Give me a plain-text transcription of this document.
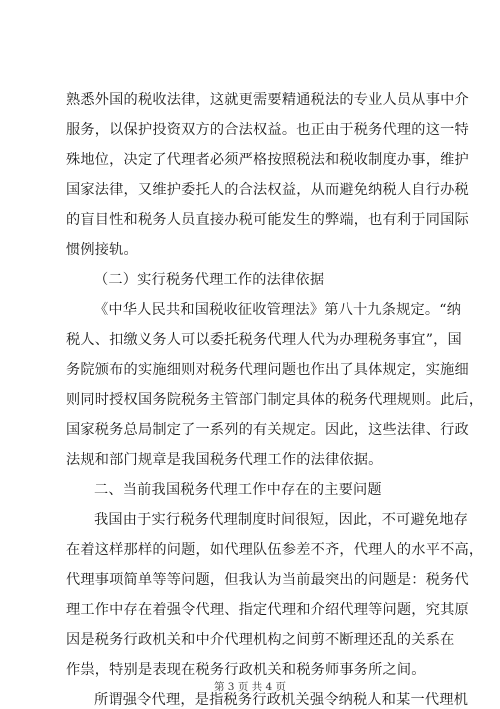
熟悉外国的税收法律，这就更需要精通税法的专业人员从事中介
服务，以保护投资双方的合法权益。也正由于税务代理的这一特
殊地位，决定了代理者必须严格按照税法和税收制度办事，维护
国家法律，又维护委托人的合法权益，从而避免纳税人自行办税
的盲目性和税务人员直接办税可能发生的弊端，也有利于同国际
惯例接轨。
（二）实行税务代理工作的法律依据
《中华人民共和国税收征收管理法》第八十九条规定。“纳
税人、扣缴义务人可以委托税务代理人代为办理税务事宜”，国
务院颁布的实施细则对税务代理问题也作出了具体规定，实施细
则同时授权国务院税务主管部门制定具体的税务代理规则。此后，
国家税务总局制定了一系列的有关规定。因此，这些法律、行政
法规和部门规章是我国税务代理工作的法律依据。
二、当前我国税务代理工作中存在的主要问题
我国由于实行税务代理制度时间很短，因此，不可避免地存
在着这样那样的问题，如代理队伍参差不齐，代理人的水平不高，
代理事项简单等等问题，但我认为当前最突出的问题是：税务代
理工作中存在着强令代理、指定代理和介绍代理等问题，究其原
因是税务行政机关和中介代理机构之间剪不断理还乱的关系在
作祟，特别是表现在税务行政机关和税务师事务所之间。
所谓强令代理，是指税务行政机关强令纳税人和某一代理机
第 3 页 共 4 页
